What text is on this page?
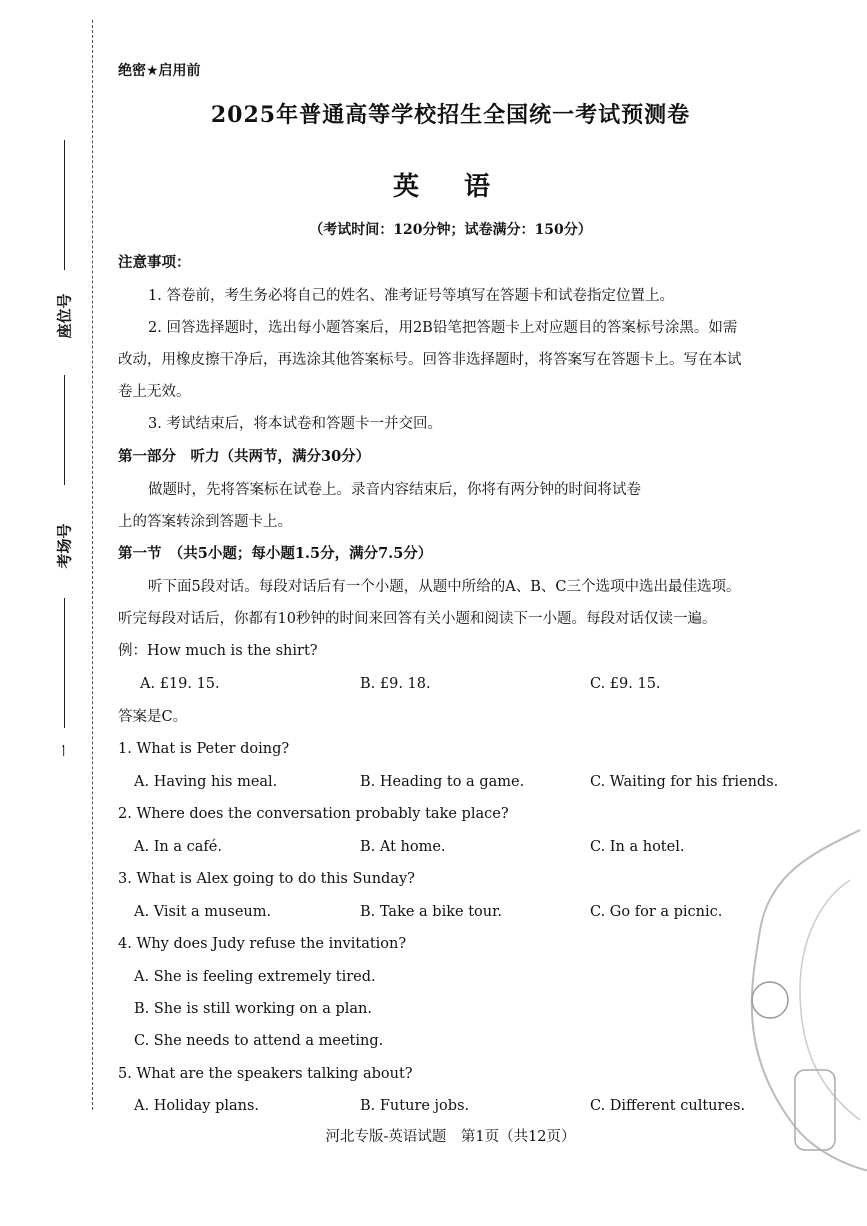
座位号
考场号
一
绝密★启用前
2025年普通高等学校招生全国统一考试预测卷
英 语
（考试时间：120分钟；试卷满分：150分）
注意事项：
1. 答卷前，考生务必将自己的姓名、准考证号等填写在答题卡和试卷指定位置上。
2. 回答选择题时，选出每小题答案后，用2B铅笔把答题卡上对应题目的答案标号涂黑。如需
改动，用橡皮擦干净后，再选涂其他答案标号。回答非选择题时，将答案写在答题卡上。写在本试
卷上无效。
3. 考试结束后，将本试卷和答题卡一并交回。
第一部分　听力（共两节，满分30分）
做题时，先将答案标在试卷上。录音内容结束后，你将有两分钟的时间将试卷
上的答案转涂到答题卡上。
第一节　（共5小题；每小题1.5分，满分7.5分）
听下面5段对话。每段对话后有一个小题，从题中所给的A、B、C三个选项中选出最佳选项。
听完每段对话后，你都有10秒钟的时间来回答有关小题和阅读下一小题。每段对话仅读一遍。
例：How much is the shirt?
A. £19. 15.	B. £9. 18.	C. £9. 15.
答案是C。
1. What is Peter doing?
A. Having his meal.	B. Heading to a game.	C. Waiting for his friends.
2. Where does the conversation probably take place?
A. In a café.	B. At home.	C. In a hotel.
3. What is Alex going to do this Sunday?
A. Visit a museum.	B. Take a bike tour.	C. Go for a picnic.
4. Why does Judy refuse the invitation?
A. She is feeling extremely tired.
B. She is still working on a plan.
C. She needs to attend a meeting.
5. What are the speakers talking about?
A. Holiday plans.	B. Future jobs.	C. Different cultures.
河北专版-英语试题　第1页（共12页）
